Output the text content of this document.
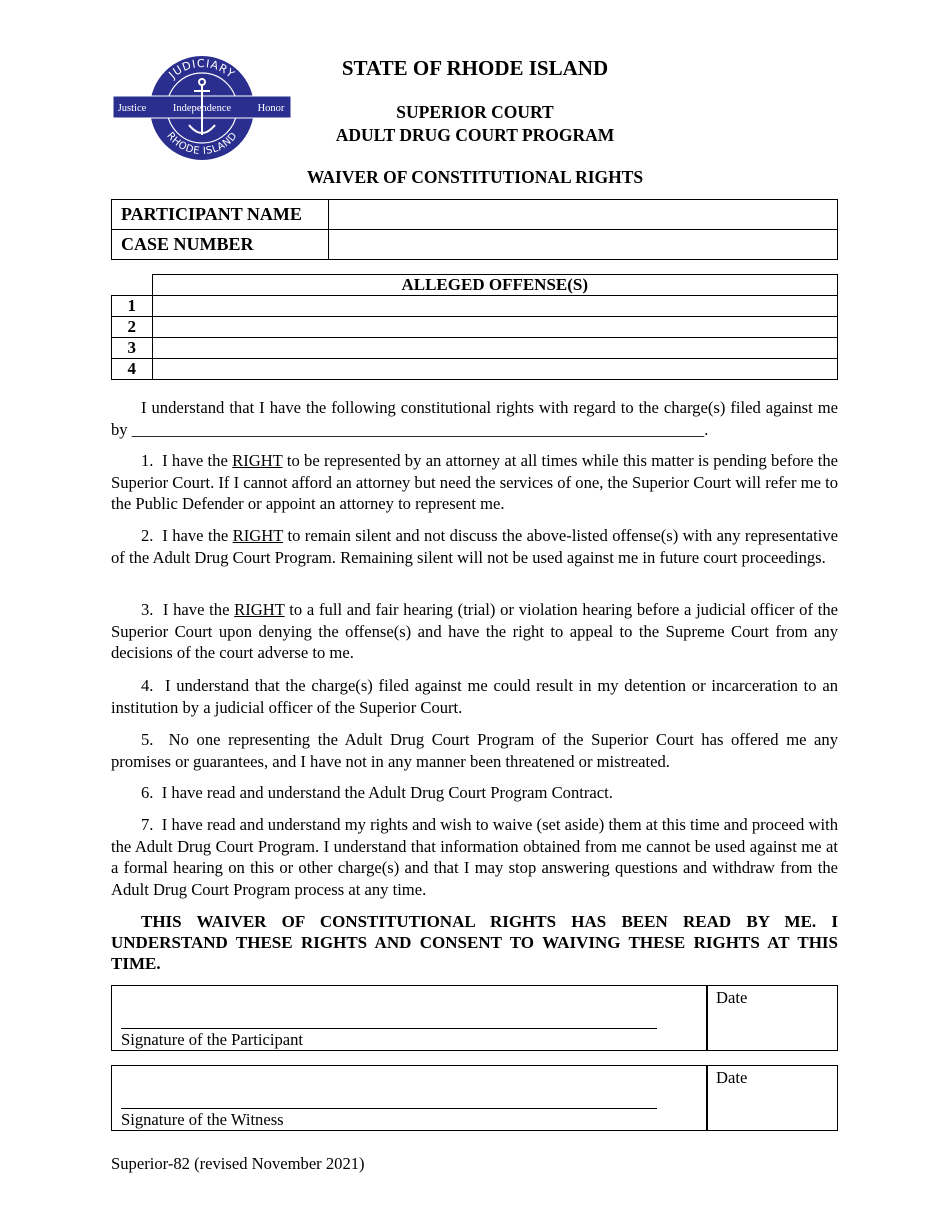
JUDICIARY
RHODE ISLAND
Justice	Independence	Honor
STATE OF RHODE ISLAND
SUPERIOR COURT
ADULT DRUG COURT PROGRAM
WAIVER OF CONSTITUTIONAL RIGHTS
PARTICIPANT NAME	
CASE NUMBER	
	ALLEGED OFFENSE(S)
1	
2	
3	
4	
I understand that I have the following constitutional rights with regard to the charge(s) filed against me by _____________________________________________________________________.
1. I have the RIGHT to be represented by an attorney at all times while this matter is pending before the Superior Court. If I cannot afford an attorney but need the services of one, the Superior Court will refer me to the Public Defender or appoint an attorney to represent me.
2. I have the RIGHT to remain silent and not discuss the above-listed offense(s) with any representative of the Adult Drug Court Program. Remaining silent will not be used against me in future court proceedings.
3. I have the RIGHT to a full and fair hearing (trial) or violation hearing before a judicial officer of the Superior Court upon denying the offense(s) and have the right to appeal to the Supreme Court from any decisions of the court adverse to me.
4. I understand that the charge(s) filed against me could result in my detention or incarceration to an institution by a judicial officer of the Superior Court.
5. No one representing the Adult Drug Court Program of the Superior Court has offered me any promises or guarantees, and I have not in any manner been threatened or mistreated.
6. I have read and understand the Adult Drug Court Program Contract.
7. I have read and understand my rights and wish to waive (set aside) them at this time and proceed with the Adult Drug Court Program. I understand that information obtained from me cannot be used against me at a formal hearing on this or other charge(s) and that I may stop answering questions and withdraw from the Adult Drug Court Program process at any time.
THIS WAIVER OF CONSTITUTIONAL RIGHTS HAS BEEN READ BY ME. I UNDERSTAND THESE RIGHTS AND CONSENT TO WAIVING THESE RIGHTS AT THIS TIME.
Signature of the Participant
Date
Signature of the Witness
Date
Superior-82 (revised November 2021)
